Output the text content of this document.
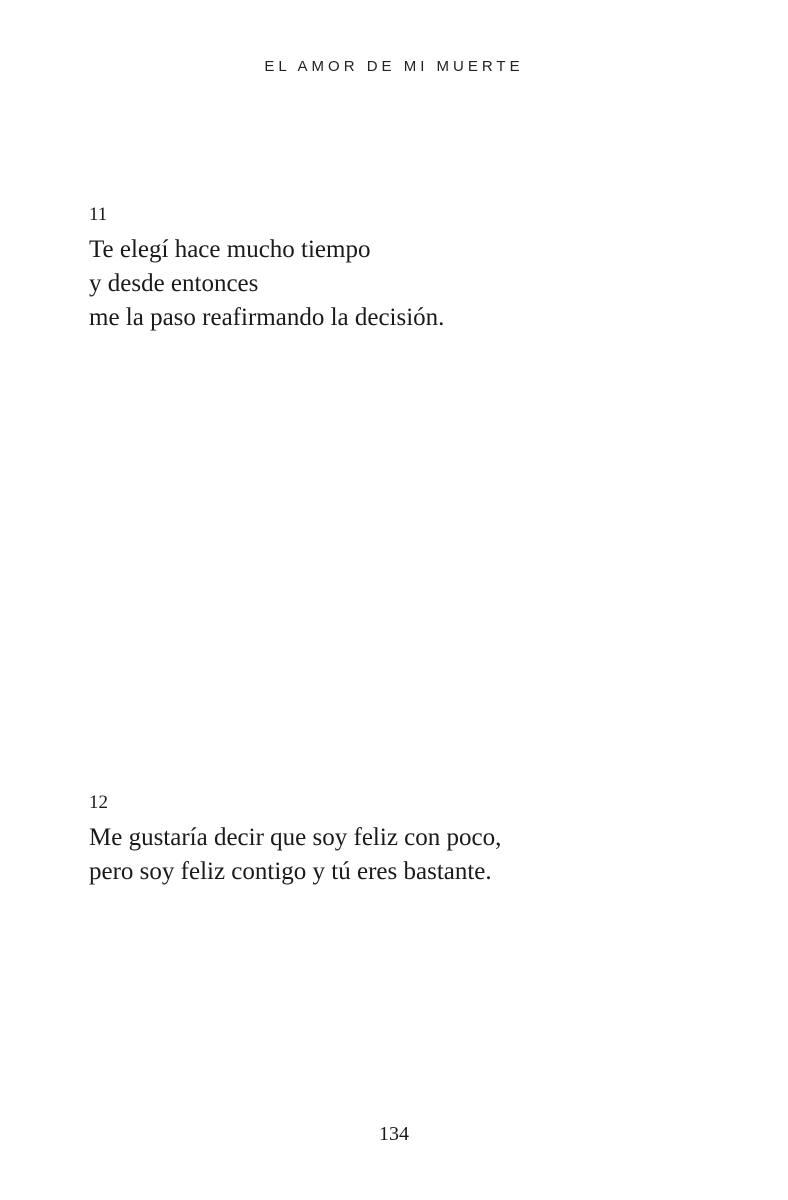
EL AMOR DE MI MUERTE
11
Te elegí hace mucho tiempo
y desde entonces
me la paso reafirmando la decisión.
12
Me gustaría decir que soy feliz con poco,
pero soy feliz contigo y tú eres bastante.
134
